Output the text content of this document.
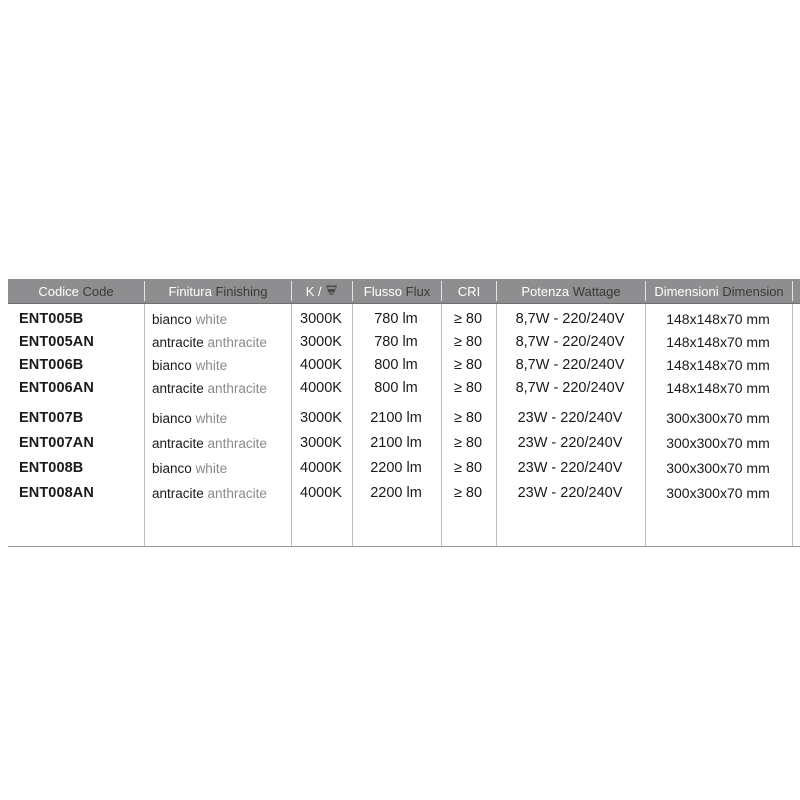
Codice Code	Finitura Finishing	K /	Flusso Flux	CRI	Potenza Wattage	Dimensioni Dimension
ENT005B	bianco white	3000K	780 lm	≥ 80	8,7W - 220/240V	148x148x70 mm
ENT005AN	antracite anthracite	3000K	780 lm	≥ 80	8,7W - 220/240V	148x148x70 mm
ENT006B	bianco white	4000K	800 lm	≥ 80	8,7W - 220/240V	148x148x70 mm
ENT006AN	antracite anthracite	4000K	800 lm	≥ 80	8,7W - 220/240V	148x148x70 mm
ENT007B	bianco white	3000K	2100 lm	≥ 80	23W - 220/240V	300x300x70 mm
ENT007AN	antracite anthracite	3000K	2100 lm	≥ 80	23W - 220/240V	300x300x70 mm
ENT008B	bianco white	4000K	2200 lm	≥ 80	23W - 220/240V	300x300x70 mm
ENT008AN	antracite anthracite	4000K	2200 lm	≥ 80	23W - 220/240V	300x300x70 mm
